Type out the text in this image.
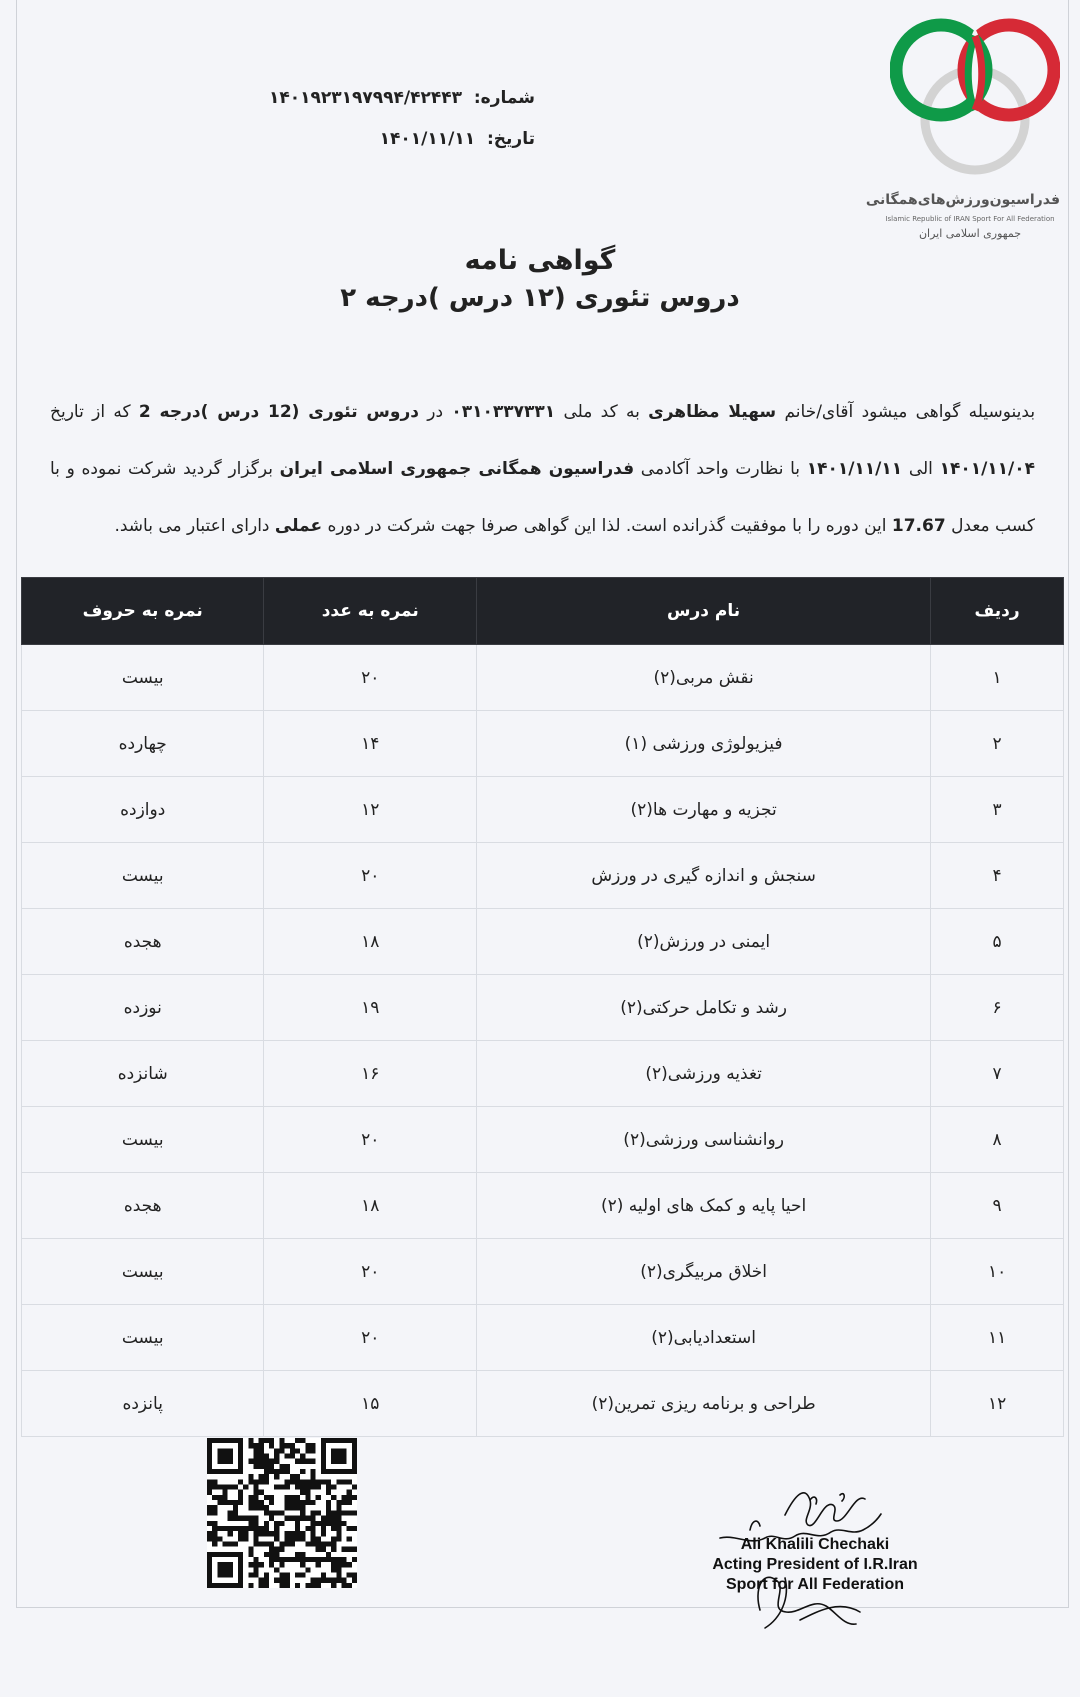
فدراسیون‌ورزش‌های‌همگانی
Islamic Republic of IRAN Sport For All Federation
جمهوری اسلامی ایران
شماره: ۱۴۰۱۹۲۳۱۹۷۹۹۴/۴۲۴۴۳
تاریخ: ۱۴۰۱/۱۱/۱۱
گواهی نامه
دروس تئوری (۱۲ درس )درجه ۲
بدینوسیله گواهی میشود آقای/خانم سهیلا مظاهری به کد ملی ۰۳۱۰۳۳۷۳۳۱ در دروس تئوری (12 درس )درجه 2 که از تاریخ ۱۴۰۱/۱۱/۰۴ الی ۱۴۰۱/۱۱/۱۱ با نظارت واحد آکادمی فدراسیون همگانی جمهوری اسلامی ایران برگزار گردید شرکت نموده و با کسب معدل 17.67 این دوره را با موفقیت گذرانده است. لذا این گواهی صرفا جهت شرکت در دوره عملی دارای اعتبار می باشد.
ردیف	نام درس	نمره به عدد	نمره به حروف
۱	نقش مربی(۲)	۲۰	بیست
۲	فیزیولوژی ورزشی (۱)	۱۴	چهارده
۳	تجزیه و مهارت ها(۲)	۱۲	دوازده
۴	سنجش و اندازه گیری در ورزش	۲۰	بیست
۵	ایمنی در ورزش(۲)	۱۸	هجده
۶	رشد و تکامل حرکتی(۲)	۱۹	نوزده
۷	تغذیه ورزشی(۲)	۱۶	شانزده
۸	روانشناسی ورزشی(۲)	۲۰	بیست
۹	احیا پایه و کمک های اولیه (۲)	۱۸	هجده
۱۰	اخلاق مربیگری(۲)	۲۰	بیست
۱۱	استعدادیابی(۲)	۲۰	بیست
۱۲	طراحی و برنامه ریزی تمرین(۲)	۱۵	پانزده
Ali Khalili Chechaki
Acting President of I.R.Iran
Sport for All Federation
